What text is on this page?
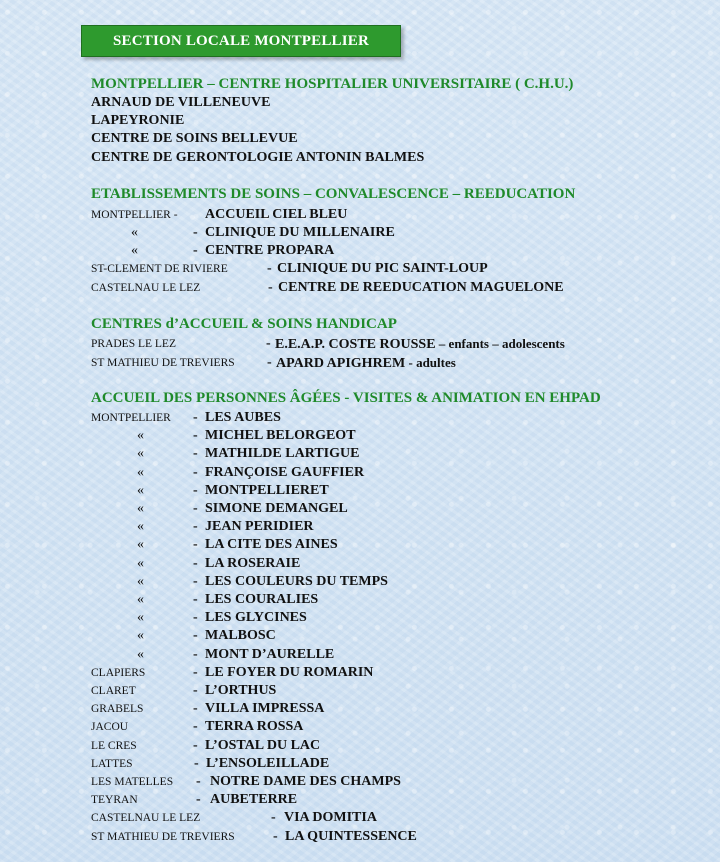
SECTION LOCALE MONTPELLIER
MONTPELLIER – CENTRE HOSPITALIER UNIVERSITAIRE ( C.H.U.)
ARNAUD DE VILLENEUVE
LAPEYRONIE
CENTRE DE SOINS BELLEVUE
CENTRE DE GERONTOLOGIE ANTONIN BALMES
ETABLISSEMENTS DE SOINS – CONVALESCENCE – REEDUCATION
MONTPELLIER - ACCUEIL CIEL BLEU
«	- CLINIQUE DU MILLENAIRE
«	- CENTRE PROPARA
ST-CLEMENT DE RIVIERE	- CLINIQUE DU PIC SAINT-LOUP
CASTELNAU LE LEZ	- CENTRE DE REEDUCATION MAGUELONE
CENTRES d’ACCUEIL & SOINS HANDICAP
PRADES LE LEZ	- E.E.A.P. COSTE ROUSSE – enfants – adolescents
ST MATHIEU DE TREVIERS - APARD APIGHREM - adultes
ACCUEIL DES PERSONNES ÂGÉES - VISITES & ANIMATION EN EHPAD
MONTPELLIER - LES AUBES
«	- MICHEL BELORGEOT
«	- MATHILDE LARTIGUE
«	- FRANÇOISE GAUFFIER
«	- MONTPELLIERET
«	- SIMONE DEMANGEL
«	- JEAN PERIDIER
«	- LA CITE DES AINES
«	- LA ROSERAIE
«	- LES COULEURS DU TEMPS
«	- LES COURALIES
«	- LES GLYCINES
«	- MALBOSC
«	- MONT D’AURELLE
CLAPIERS	- LE FOYER DU ROMARIN
CLARET	- L’ORTHUS
GRABELS	- VILLA IMPRESSA
JACOU	- TERRA ROSSA
LE CRES	- L’OSTAL DU LAC
LATTES	- L’ENSOLEILLADE
LES MATELLES - NOTRE DAME DES CHAMPS
TEYRAN	- AUBETERRE
CASTELNAU LE LEZ	- VIA DOMITIA
ST MATHIEU DE TREVIERS	- LA QUINTESSENCE
